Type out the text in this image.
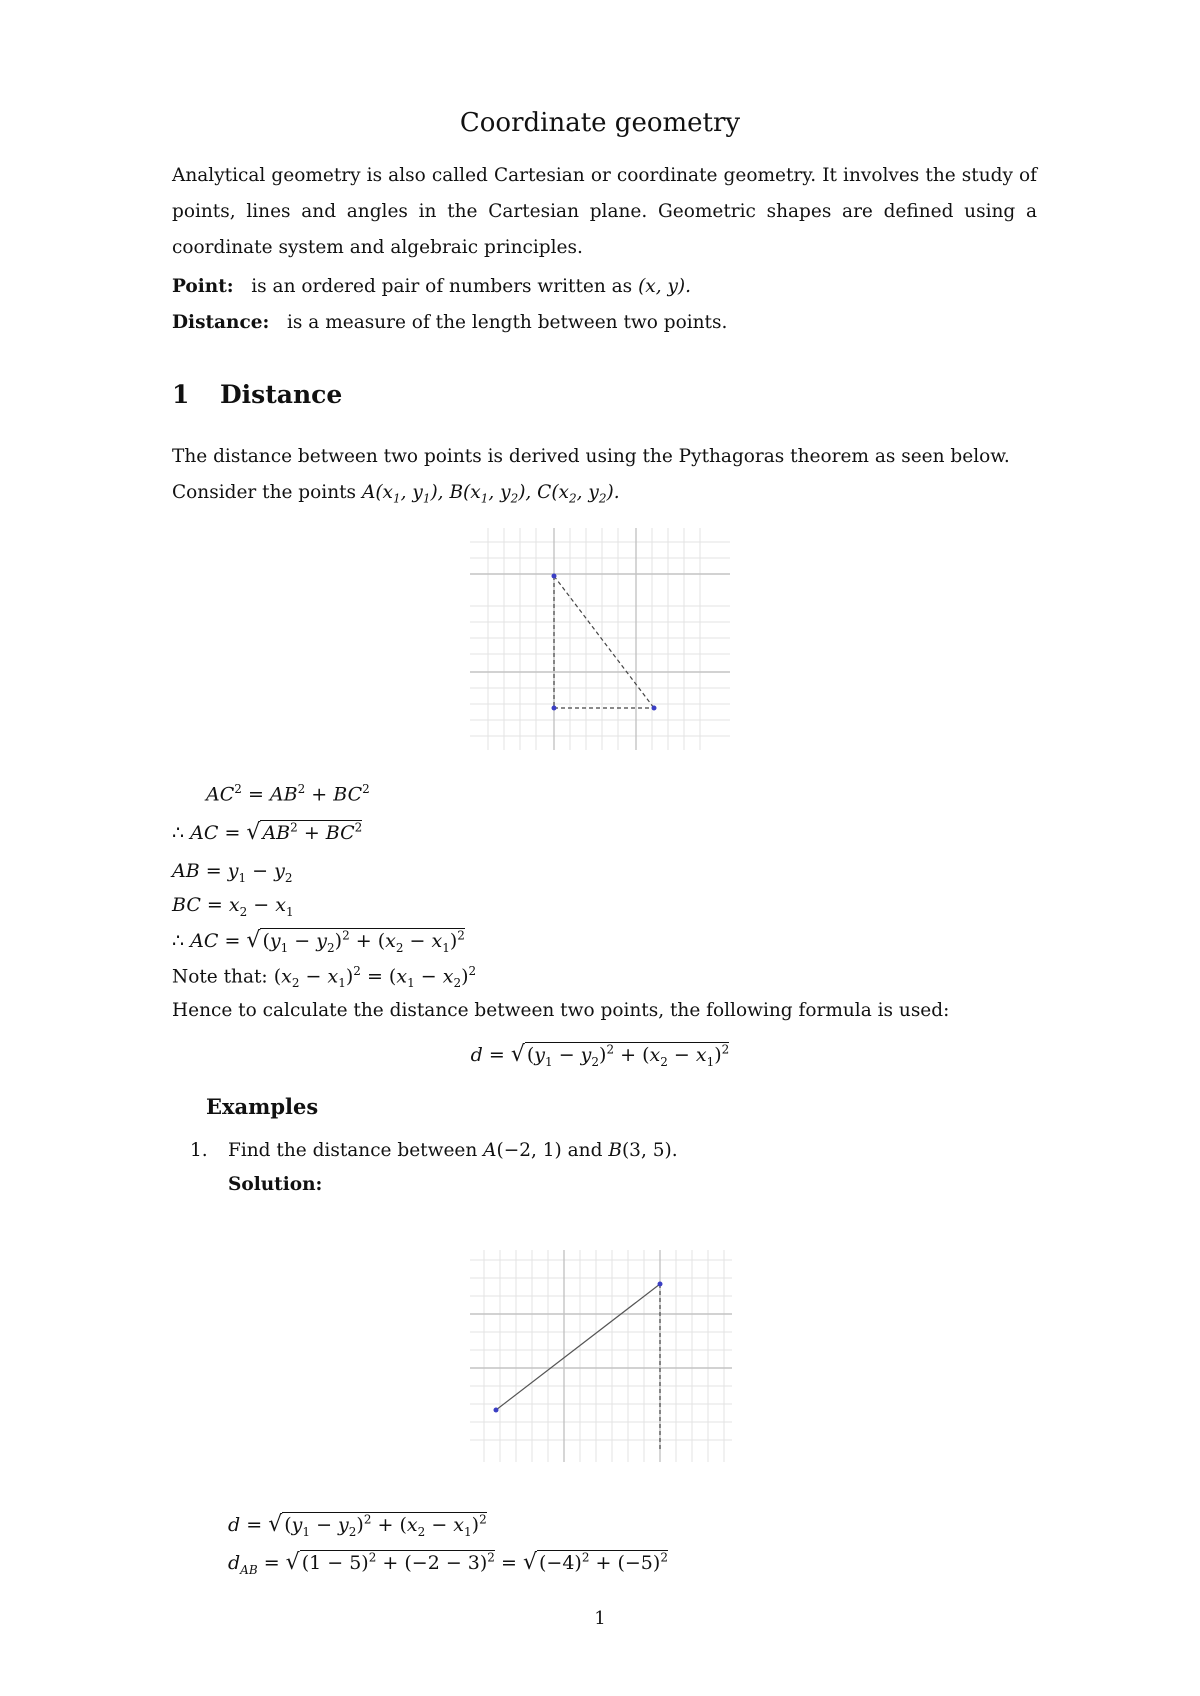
Coordinate geometry

Analytical geometry is also called Cartesian or coordinate geometry. It involves the study of points, lines and angles in the Cartesian plane. Geometric shapes are defined using a coordinate system and algebraic principles.

Point: is an ordered pair of numbers written as (x, y).
Distance: is a measure of the length between two points.
1 Distance
The distance between two points is derived using the Pythagoras theorem as seen below.
Consider the points $A(x_1$, $y_1$), $B(x_1$, $y_2$), $C(x_2$, $y_2$).
$AC^2 = AB^2 + BC^2$
∴ AC = √ $AB^2 + BC^2$
AB = $y_1 - y_2$
BC = $x_2 - x_1$
∴ AC = √ $(y_1 - y_2)^2 + (x_2 - x_1)^2$
Note that: $(x_2 - x_1)^2 = (x_1 - x_2)^2$
Hence to calculate the distance between two points, the following formula is used:
d = √ $(y_1 - y_2)^2 + (x_2 - x_1)^2$
Examples
1. Find the distance between A(−2, 1) and B(3, 5).
Solution:
d = √ $(y_1 - y_2)^2 + (x_2 - x_1)^2$
$d_{AB}$ = √ $(1 - 5)^2 + (-2 - 3)^2$ = √ $(-4)^2 + (-5)^2$
1
